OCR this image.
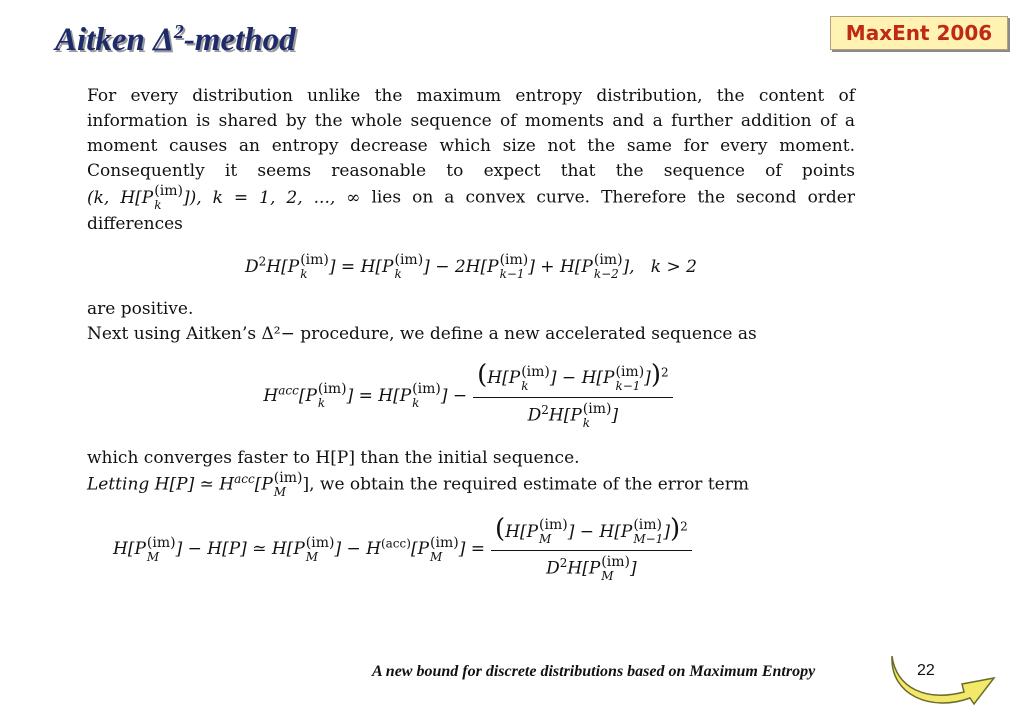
Aitken $\Delta^2$-method	MaxEnt 2006

For every distribution unlike the maximum entropy distribution, the content of information is shared by the whole sequence of moments and a further addition of a moment causes an entropy decrease which size not the same for every moment. Consequently it seems reasonable to expect that the sequence of points (k, H[P (im)
k	]), k = 1, 2, ..., ∞ lies on a convex curve. Therefore the second order differences

$D^2H[P$ (im)
k	] = H[P (im)
k	] − 2H[P (im)
k−1 ] + H[P (im)
k−2 ], k > 2

are positive.

Next using Aitken’s Δ²− procedure, we define a new accelerated sequence as

$H^{acc}[P$ (im)
k	] = H[P (im)
k	] − (H[P (im)
k	] − H[P (im)
k−1 ])$^2$
$D^2H[P$ (im)
k	]

which converges faster to H[P] than the initial sequence.

Letting H[P] ≃ $H^{acc}[P$ (im)
M ], we obtain the required estimate of the error term

H[P (im)
M ] − H[P] ≃ H[P (im)
M ] − $H^{(acc)}[P$ (im)
M ] = (H[P (im)
M ] − H[P (im)
M−1 ])$^2$
$D^2H[P$ (im)
M ]
A new bound for discrete distributions based on Maximum Entropy	22
